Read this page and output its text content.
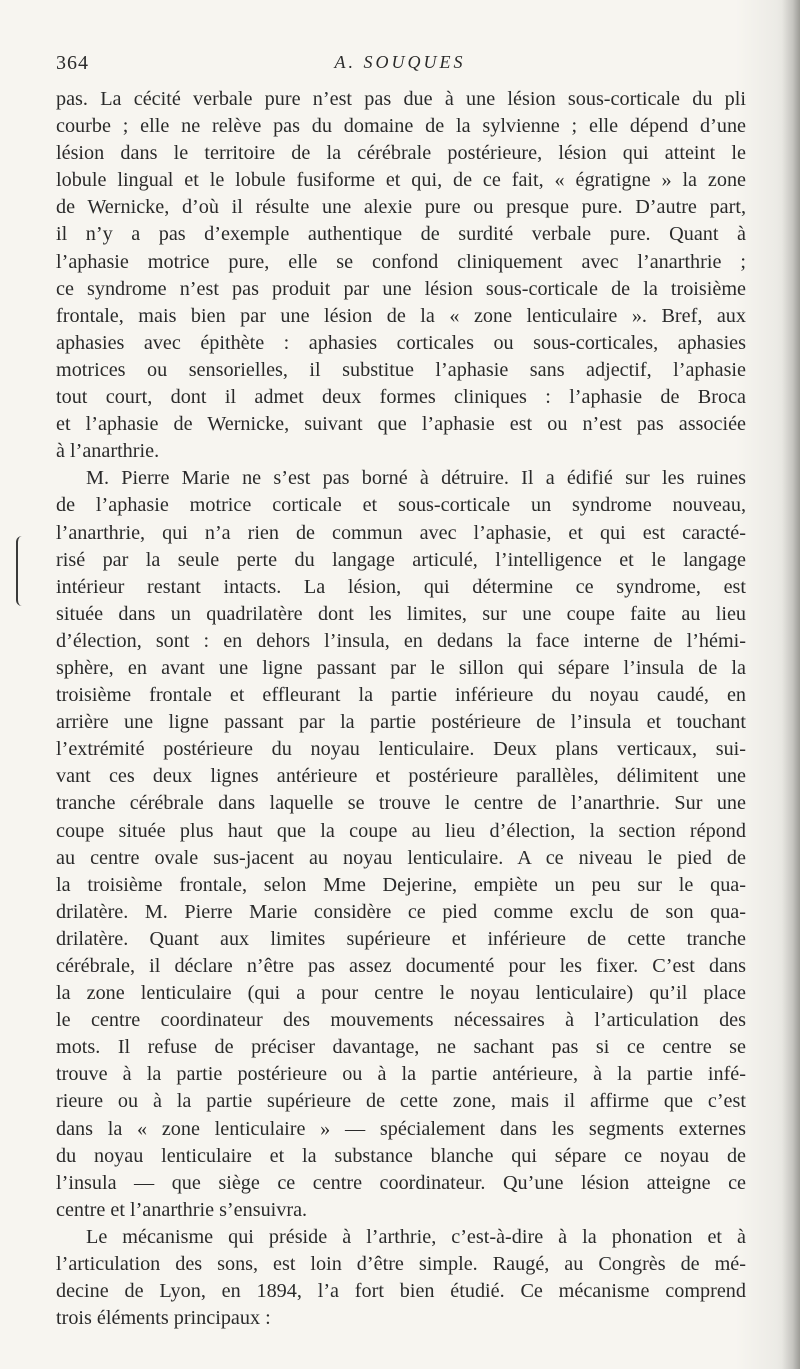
364	A. SOUQUES
pas. La cécité verbale pure n’est pas due à une lésion sous-corticale du pli
courbe ; elle ne relève pas du domaine de la sylvienne ; elle dépend d’une
lésion dans le territoire de la cérébrale postérieure, lésion qui atteint le
lobule lingual et le lobule fusiforme et qui, de ce fait, « égratigne » la zone
de Wernicke, d’où il résulte une alexie pure ou presque pure. D’autre part,
il n’y a pas d’exemple authentique de surdité verbale pure. Quant à
l’aphasie motrice pure, elle se confond cliniquement avec l’anarthrie ;
ce syndrome n’est pas produit par une lésion sous-corticale de la troisième
frontale, mais bien par une lésion de la « zone lenticulaire ». Bref, aux
aphasies avec épithète : aphasies corticales ou sous-corticales, aphasies
motrices ou sensorielles, il substitue l’aphasie sans adjectif, l’aphasie
tout court, dont il admet deux formes cliniques : l’aphasie de Broca
et l’aphasie de Wernicke, suivant que l’aphasie est ou n’est pas associée
à l’anarthrie.
M. Pierre Marie ne s’est pas borné à détruire. Il a édifié sur les ruines
de l’aphasie motrice corticale et sous-corticale un syndrome nouveau,
l’anarthrie, qui n’a rien de commun avec l’aphasie, et qui est caracté-
risé par la seule perte du langage articulé, l’intelligence et le langage
intérieur restant intacts. La lésion, qui détermine ce syndrome, est
située dans un quadrilatère dont les limites, sur une coupe faite au lieu
d’élection, sont : en dehors l’insula, en dedans la face interne de l’hémi-
sphère, en avant une ligne passant par le sillon qui sépare l’insula de la
troisième frontale et effleurant la partie inférieure du noyau caudé, en
arrière une ligne passant par la partie postérieure de l’insula et touchant
l’extrémité postérieure du noyau lenticulaire. Deux plans verticaux, sui-
vant ces deux lignes antérieure et postérieure parallèles, délimitent une
tranche cérébrale dans laquelle se trouve le centre de l’anarthrie. Sur une
coupe située plus haut que la coupe au lieu d’élection, la section répond
au centre ovale sus-jacent au noyau lenticulaire. A ce niveau le pied de
la troisième frontale, selon Mme Dejerine, empiète un peu sur le qua-
drilatère. M. Pierre Marie considère ce pied comme exclu de son qua-
drilatère. Quant aux limites supérieure et inférieure de cette tranche
cérébrale, il déclare n’être pas assez documenté pour les fixer. C’est dans
la zone lenticulaire (qui a pour centre le noyau lenticulaire) qu’il place
le centre coordinateur des mouvements nécessaires à l’articulation des
mots. Il refuse de préciser davantage, ne sachant pas si ce centre se
trouve à la partie postérieure ou à la partie antérieure, à la partie infé-
rieure ou à la partie supérieure de cette zone, mais il affirme que c’est
dans la « zone lenticulaire » — spécialement dans les segments externes
du noyau lenticulaire et la substance blanche qui sépare ce noyau de
l’insula — que siège ce centre coordinateur. Qu’une lésion atteigne ce
centre et l’anarthrie s’ensuivra.
Le mécanisme qui préside à l’arthrie, c’est-à-dire à la phonation et à
l’articulation des sons, est loin d’être simple. Raugé, au Congrès de mé-
decine de Lyon, en 1894, l’a fort bien étudié. Ce mécanisme comprend
trois éléments principaux :
